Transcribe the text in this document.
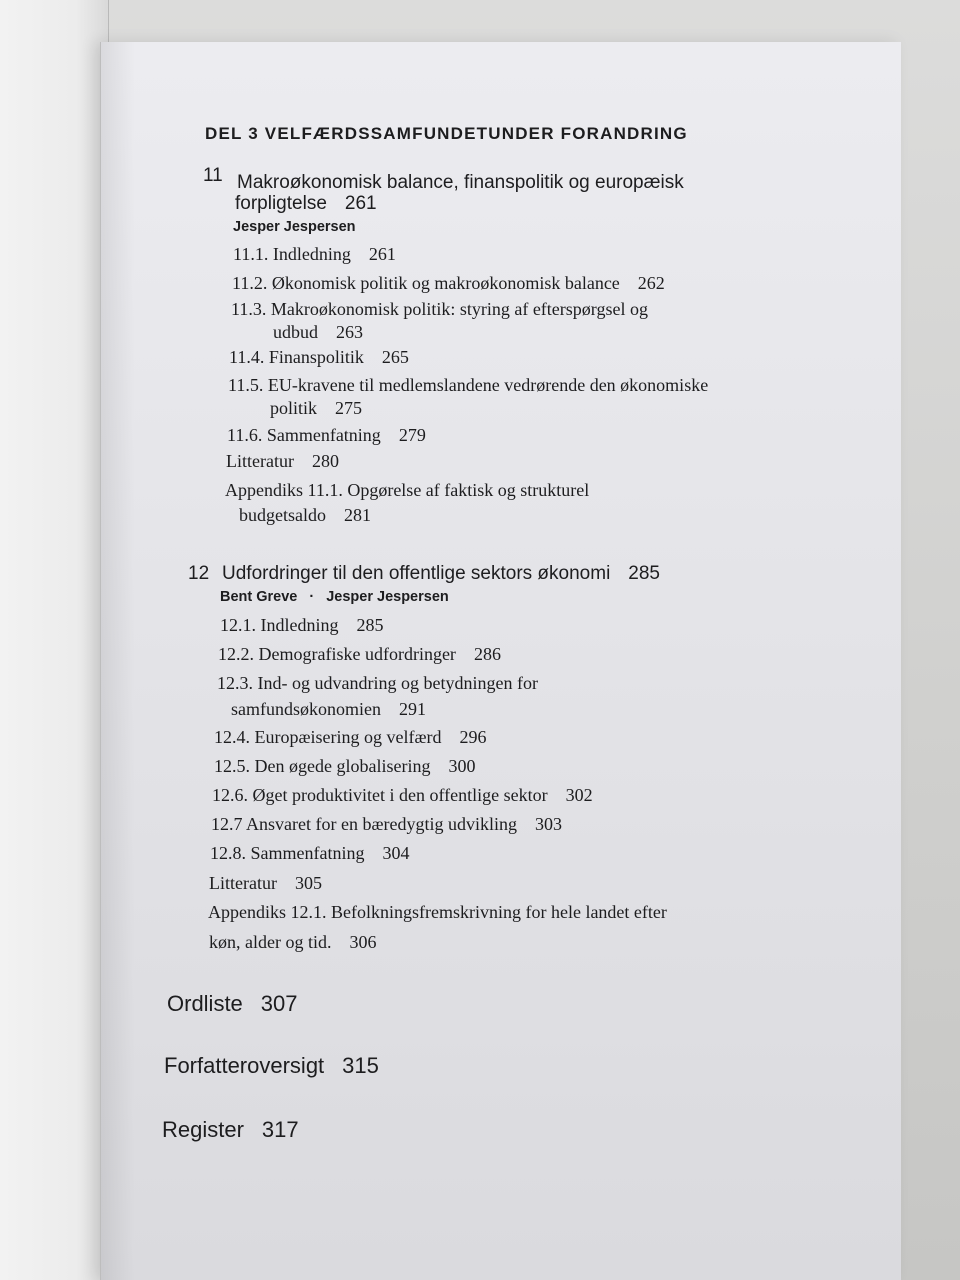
DEL 3 VELFÆRDSSAMFUNDETUNDER FORANDRING
11 Makroøkonomisk balance, finanspolitik og europæisk
forpligtelse 261
Jesper Jespersen
11.1. Indledning 261
11.2. Økonomisk politik og makroøkonomisk balance 262
11.3. Makroøkonomisk politik: styring af efterspørgsel og
udbud 263
11.4. Finanspolitik 265
11.5. EU-kravene til medlemslandene vedrørende den økonomiske
politik 275
11.6. Sammenfatning 279
Litteratur 280
Appendiks 11.1. Opgørelse af faktisk og strukturel
budgetsaldo 281
12 Udfordringer til den offentlige sektors økonomi 285
Bent Greve · Jesper Jespersen
12.1. Indledning 285
12.2. Demografiske udfordringer 286
12.3. Ind- og udvandring og betydningen for
samfundsøkonomien 291
12.4. Europæisering og velfærd 296
12.5. Den øgede globalisering 300
12.6. Øget produktivitet i den offentlige sektor 302
12.7 Ansvaret for en bæredygtig udvikling 303
12.8. Sammenfatning 304
Litteratur 305
Appendiks 12.1. Befolkningsfremskrivning for hele landet efter
køn, alder og tid. 306
Ordliste 307
Forfatteroversigt 315
Register 317
